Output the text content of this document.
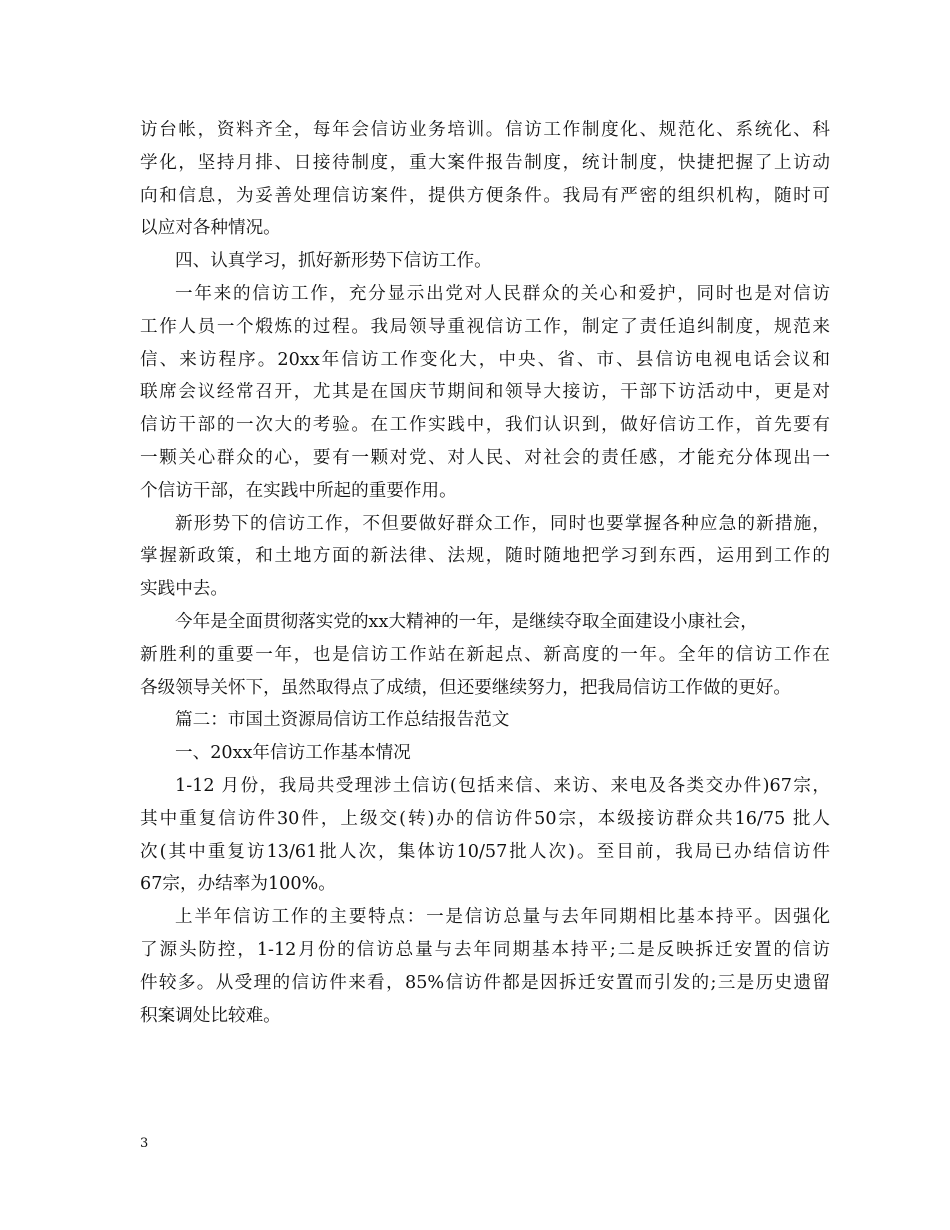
访台帐，资料齐全，每年会信访业务培训。信访工作制度化、规范化、系统化、科
学化，坚持月排、日接待制度，重大案件报告制度，统计制度，快捷把握了上访动
向和信息，为妥善处理信访案件，提供方便条件。我局有严密的组织机构，随时可
以应对各种情况。
四、认真学习，抓好新形势下信访工作。
一年来的信访工作，充分显示出党对人民群众的关心和爱护，同时也是对信访
工作人员一个煅炼的过程。我局领导重视信访工作，制定了责任追纠制度，规范来
信、来访程序。20xx年信访工作变化大，中央、省、市、县信访电视电话会议和
联席会议经常召开，尤其是在国庆节期间和领导大接访，干部下访活动中，更是对
信访干部的一次大的考验。在工作实践中，我们认识到，做好信访工作，首先要有
一颗关心群众的心，要有一颗对党、对人民、对社会的责任感，才能充分体现出一
个信访干部，在实践中所起的重要作用。
新形势下的信访工作，不但要做好群众工作，同时也要掌握各种应急的新措施，
掌握新政策，和土地方面的新法律、法规，随时随地把学习到东西，运用到工作的
实践中去。
今年是全面贯彻落实党的xx大精神的一年，是继续夺取全面建设小康社会，
新胜利的重要一年，也是信访工作站在新起点、新高度的一年。全年的信访工作在
各级领导关怀下，虽然取得点了成绩，但还要继续努力，把我局信访工作做的更好。
篇二：市国土资源局信访工作总结报告范文
一、20xx年信访工作基本情况
1-12 月份，我局共受理涉土信访(包括来信、来访、来电及各类交办件)67宗，
其中重复信访件30件，上级交(转)办的信访件50宗，本级接访群众共16/75 批人
次(其中重复访13/61批人次，集体访10/57批人次)。至目前，我局已办结信访件
67宗，办结率为100%。
上半年信访工作的主要特点：一是信访总量与去年同期相比基本持平。因强化
了源头防控，1-12月份的信访总量与去年同期基本持平;二是反映拆迁安置的信访
件较多。从受理的信访件来看，85%信访件都是因拆迁安置而引发的;三是历史遗留
积案调处比较难。
3
